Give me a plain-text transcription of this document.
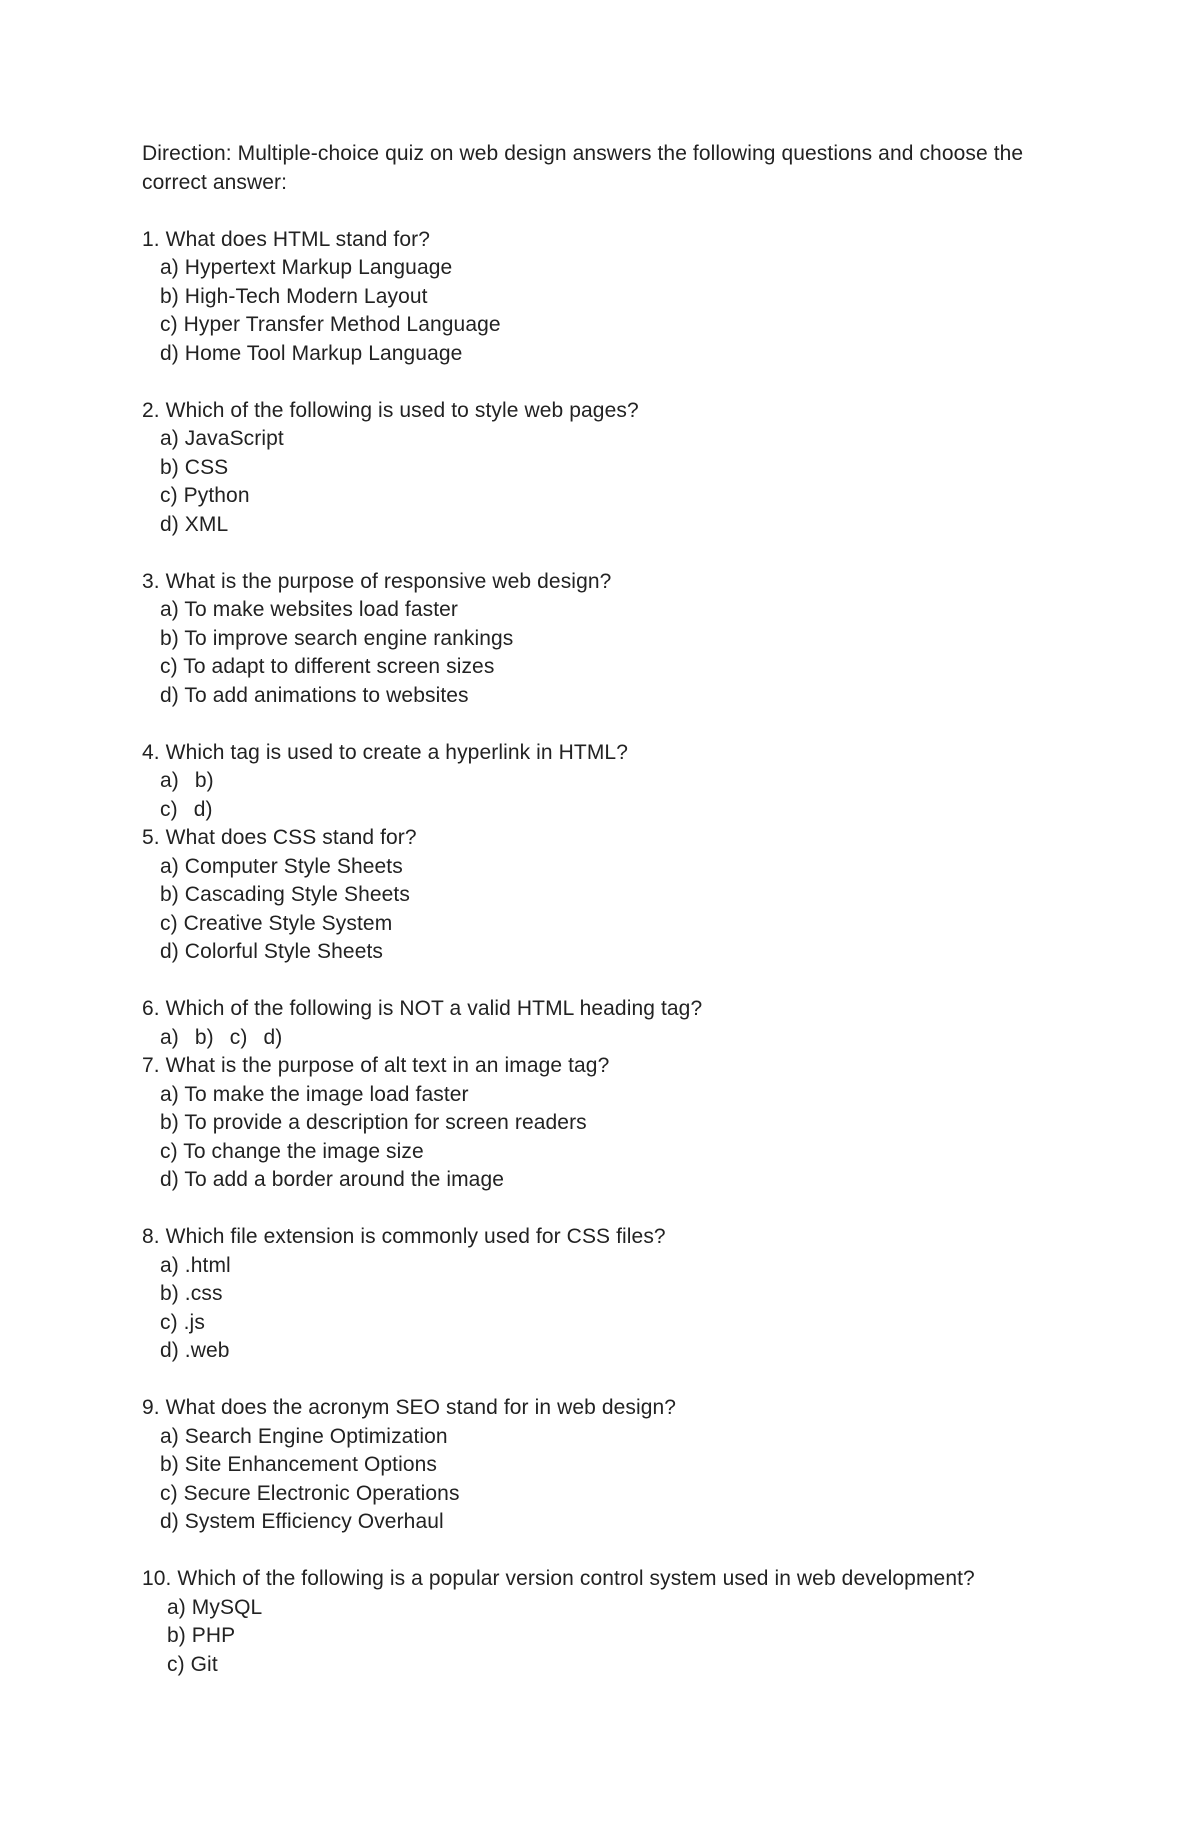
Direction: Multiple-choice quiz on web design answers the following questions and choose the correct answer:

1. What does HTML stand for?

a) Hypertext Markup Language
b) High-Tech Modern Layout
c) Hyper Transfer Method Language
d) Home Tool Markup Language

2. Which of the following is used to style web pages?

a) JavaScript
b) CSS
c) Python
d) XML

3. What is the purpose of responsive web design?

a) To make websites load faster
b) To improve search engine rankings
c) To adapt to different screen sizes
d) To add animations to websites

4. Which tag is used to create a hyperlink in HTML?

a) b)
c) d)

5. What does CSS stand for?

a) Computer Style Sheets
b) Cascading Style Sheets
c) Creative Style System
d) Colorful Style Sheets

6. Which of the following is NOT a valid HTML heading tag?

a) b) c) d)

7. What is the purpose of alt text in an image tag?

a) To make the image load faster
b) To provide a description for screen readers
c) To change the image size
d) To add a border around the image

8. Which file extension is commonly used for CSS files?

a) .html
b) .css
c) .js
d) .web

9. What does the acronym SEO stand for in web design?

a) Search Engine Optimization
b) Site Enhancement Options
c) Secure Electronic Operations
d) System Efficiency Overhaul

10. Which of the following is a popular version control system used in web development?

a) MySQL
b) PHP
c) Git
